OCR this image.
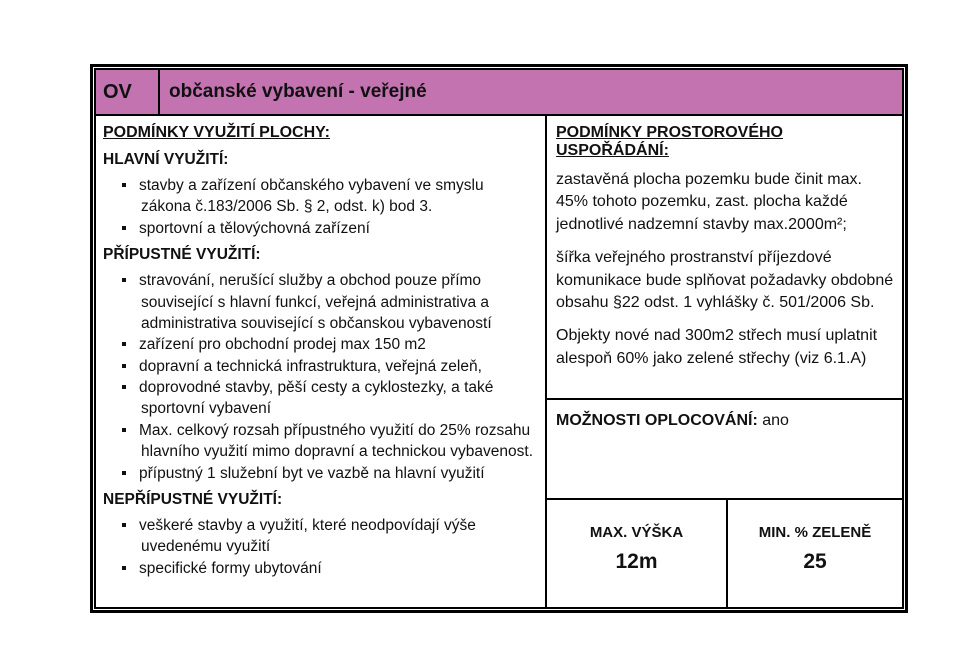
OV	občanské vybavení - veřejné
PODMÍNKY VYUŽITÍ PLOCHY:
HLAVNÍ VYUŽITÍ:
stavby a zařízení občanského vybavení ve smyslu zákona č.183/2006 Sb. § 2, odst. k) bod 3.
sportovní a tělovýchovná zařízení
PŘÍPUSTNÉ VYUŽITÍ:
stravování, nerušící služby a obchod pouze přímo související s hlavní funkcí, veřejná administrativa a administrativa související s občanskou vybaveností
zařízení pro obchodní prodej max 150 m2
dopravní a technická infrastruktura, veřejná zeleň,
doprovodné stavby, pěší cesty a cyklostezky, a také sportovní vybavení
Max. celkový rozsah přípustného využití do 25% rozsahu hlavního využití mimo dopravní a technickou vybavenost.
přípustný 1 služební byt ve vazbě na hlavní využití
NEPŘÍPUSTNÉ VYUŽITÍ:
veškeré stavby a využití, které neodpovídají výše uvedenému využití
specifické formy ubytování
PODMÍNKY PROSTOROVÉHO USPOŘÁDÁNÍ:

zastavěná plocha pozemku bude činit max. 45% tohoto pozemku, zast. plocha každé jednotlivé nadzemní stavby max.2000m²;

šířka veřejného prostranství příjezdové komunikace bude splňovat požadavky obdobné obsahu §22 odst. 1 vyhlášky č. 501/2006 Sb.

Objekty nové nad 300m2 střech musí uplatnit alespoň 60% jako zelené střechy (viz 6.1.A)

MOŽNOSTI OPLOCOVÁNÍ: ano
MAX. VÝŠKA
12m
MIN. % ZELENĚ
25
